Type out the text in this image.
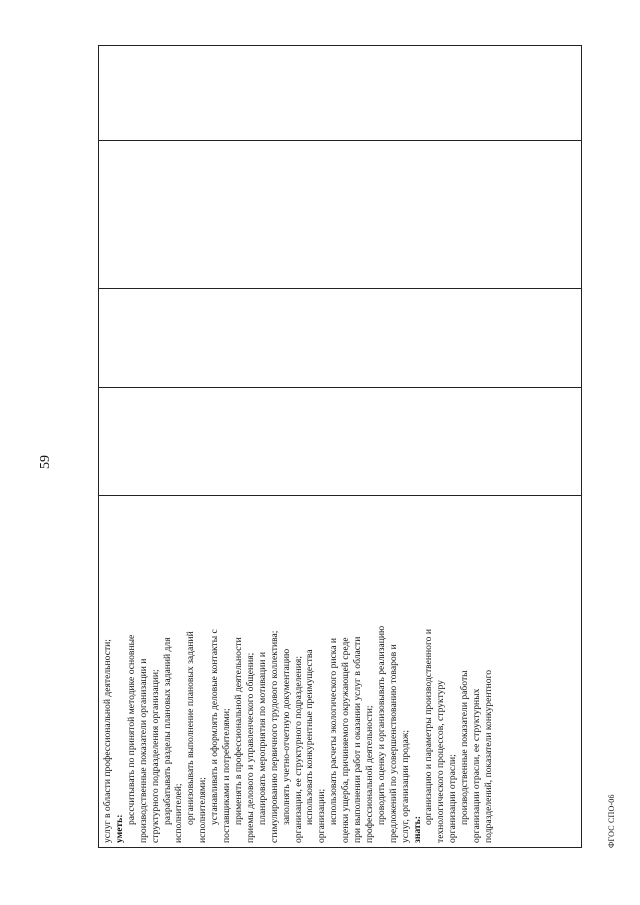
59
услуг в области профессиональной деятельности; уметь:
рассчитывать по принятой методике основные производственные показатели организации и структурного подразделения организации; разрабатывать разделы плановых заданий для исполнителей; организовывать выполнение плановых заданий исполнителями; устанавливать и оформлять деловые контакты с поставщиками и потребителями; применять в профессиональной деятельности приемы делового и управленческого общения; планировать мероприятия по мотивации и стимулированию первичного трудового коллектива; заполнять учетно-отчетную документацию организации, ее структурного подразделения; использовать конкурентные преимущества организации; использовать расчеты экологического риска и оценки ущерба, причиняемого окружающей среде при выполнении работ и оказании услуг в области профессиональной деятельности; проводить оценку и организовывать реализацию предложений по усовершенствованию товаров и услуг, организации продаж; знать:
организацию и параметры производственного и технологического процессов, структуру организации отрасли; производственные показатели работы организации отрасли, ее структурных подразделений, показатели конкурентного
					ФГОС СПО-06
